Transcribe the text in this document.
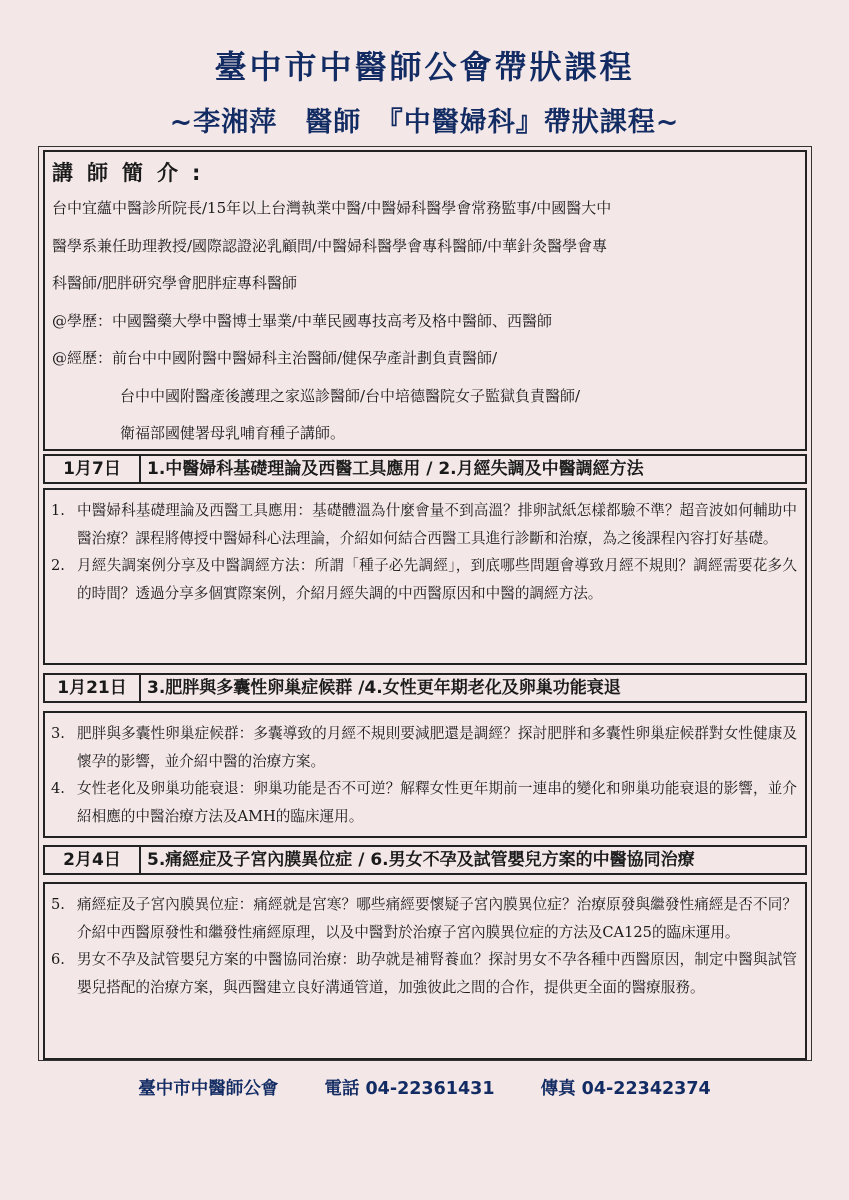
臺中市中醫師公會帶狀課程
~李湘萍　醫師　『中醫婦科』帶狀課程~
講師簡介:
台中宜蘊中醫診所院長/15年以上台灣執業中醫/中醫婦科醫學會常務監事/中國醫大中
醫學系兼任助理教授/國際認證泌乳顧問/中醫婦科醫學會專科醫師/中華針灸醫學會專
科醫師/肥胖研究學會肥胖症專科醫師
@學歷：中國醫藥大學中醫博士畢業/中華民國專技高考及格中醫師、西醫師
@經歷：前台中中國附醫中醫婦科主治醫師/健保孕產計劃負責醫師/
台中中國附醫產後護理之家巡診醫師/台中培德醫院女子監獄負責醫師/
衛福部國健署母乳哺育種子講師。
1月7日	1.中醫婦科基礎理論及西醫工具應用 / 2.月經失調及中醫調經方法
1. 中醫婦科基礎理論及西醫工具應用：基礎體溫為什麼會量不到高溫？排卵試紙怎樣都驗不準？超音波如何輔助中醫治療？課程將傳授中醫婦科心法理論，介紹如何結合西醫工具進行診斷和治療，為之後課程內容打好基礎。
2. 月經失調案例分享及中醫調經方法：所謂「種子必先調經」，到底哪些問題會導致月經不規則？調經需要花多久的時間？透過分享多個實際案例，介紹月經失調的中西醫原因和中醫的調經方法。
1月21日	3.肥胖與多囊性卵巢症候群 /4.女性更年期老化及卵巢功能衰退
3. 肥胖與多囊性卵巢症候群：多囊導致的月經不規則要減肥還是調經？探討肥胖和多囊性卵巢症候群對女性健康及懷孕的影響，並介紹中醫的治療方案。
4. 女性老化及卵巢功能衰退：卵巢功能是否不可逆？解釋女性更年期前一連串的變化和卵巢功能衰退的影響，並介紹相應的中醫治療方法及AMH的臨床運用。
2月4日	5.痛經症及子宮內膜異位症 / 6.男女不孕及試管嬰兒方案的中醫協同治療
5. 痛經症及子宮內膜異位症：痛經就是宮寒？哪些痛經要懷疑子宮內膜異位症？治療原發與繼發性痛經是否不同？介紹中西醫原發性和繼發性痛經原理，以及中醫對於治療子宮內膜異位症的方法及CA125的臨床運用。
6. 男女不孕及試管嬰兒方案的中醫協同治療：助孕就是補腎養血？探討男女不孕各種中西醫原因，制定中醫與試管嬰兒搭配的治療方案，與西醫建立良好溝通管道，加強彼此之間的合作，提供更全面的醫療服務。
臺中市中醫師公會	電話 04-22361431	傳真 04-22342374
